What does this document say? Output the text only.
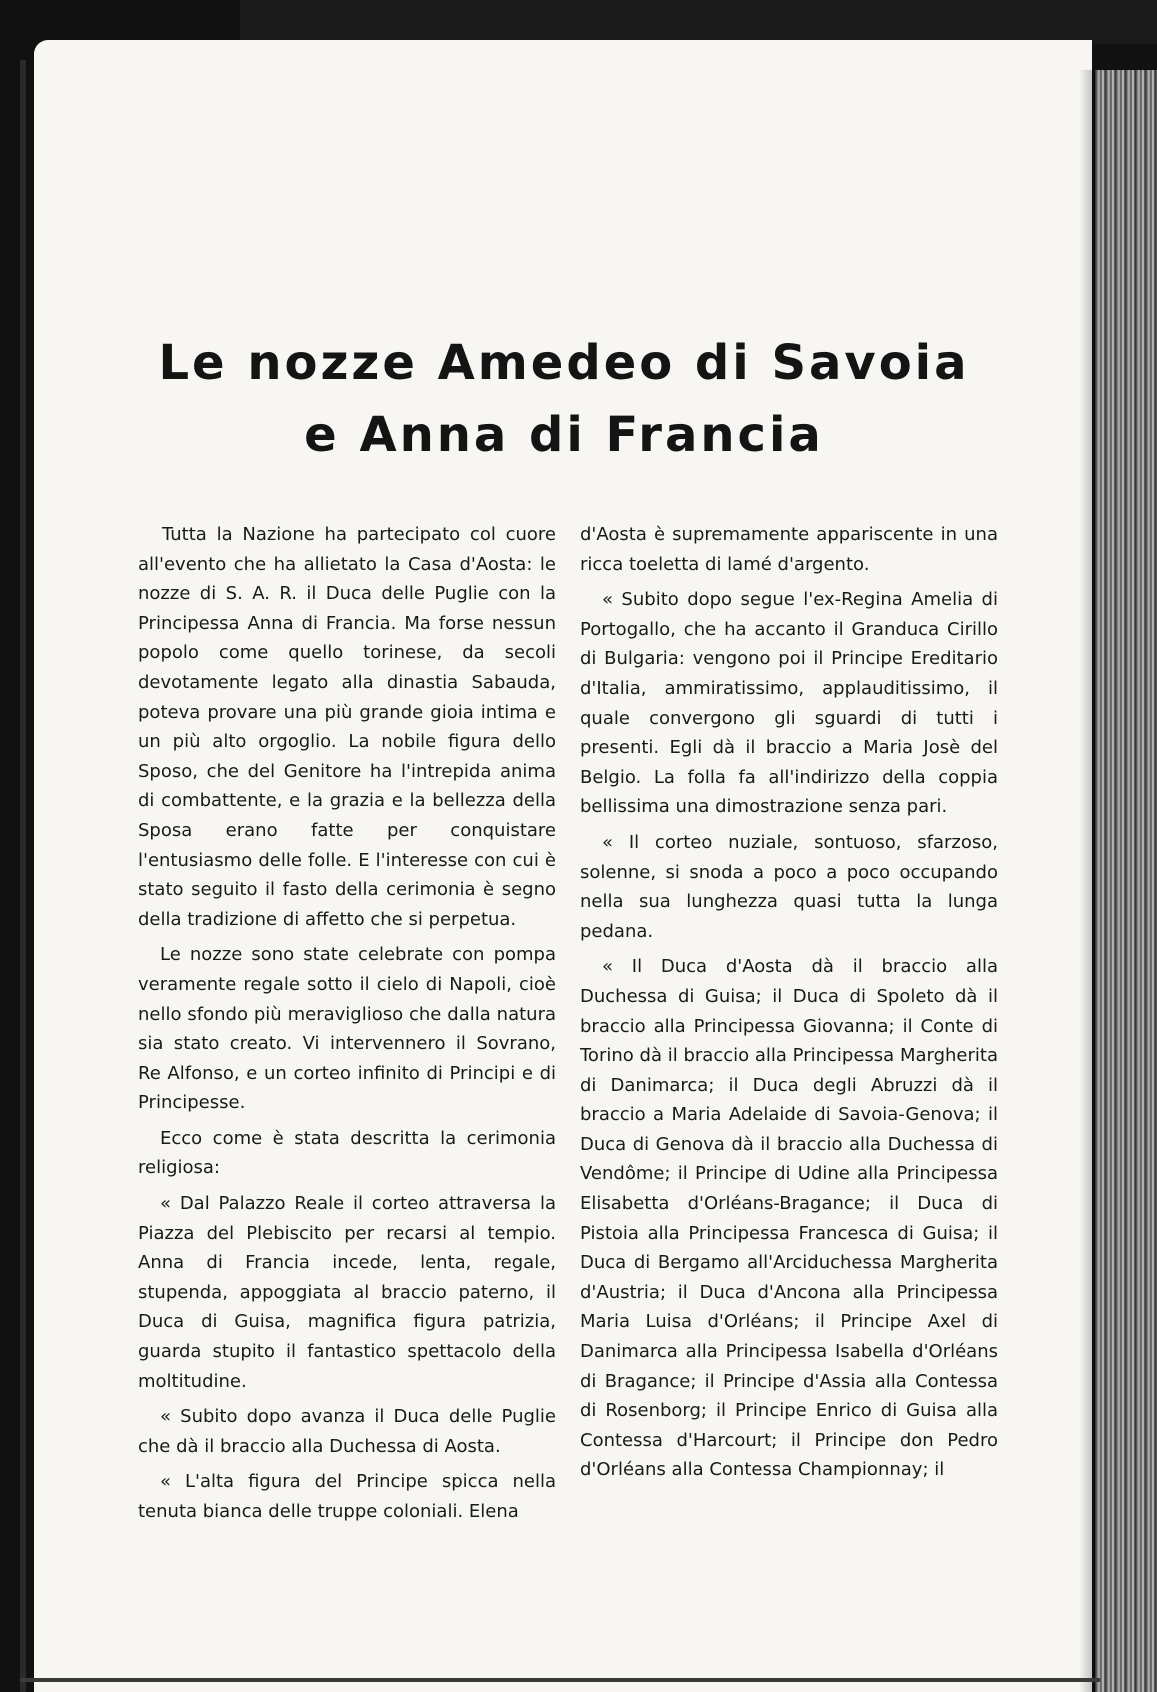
Le nozze Amedeo di Savoia
e Anna di Francia

Tutta la Nazione ha partecipato col cuore all'evento che ha allietato la Casa d'Aosta: le nozze di S. A. R. il Duca delle Puglie con la Principessa Anna di Francia. Ma forse nessun popolo come quello torinese, da secoli devotamente legato alla dinastia Sabauda, poteva provare una più grande gioia intima e un più alto orgoglio. La nobile figura dello Sposo, che del Genitore ha l'intrepida anima di combattente, e la grazia e la bellezza della Sposa erano fatte per conquistare l'entusiasmo delle folle. E l'interesse con cui è stato seguito il fasto della cerimonia è segno della tradizione di affetto che si perpetua.

Le nozze sono state celebrate con pompa veramente regale sotto il cielo di Napoli, cioè nello sfondo più meraviglioso che dalla natura sia stato creato. Vi intervennero il Sovrano, Re Alfonso, e un corteo infinito di Principi e di Principesse.

Ecco come è stata descritta la cerimonia religiosa:

« Dal Palazzo Reale il corteo attraversa la Piazza del Plebiscito per recarsi al tempio. Anna di Francia incede, lenta, regale, stupenda, appoggiata al braccio paterno, il Duca di Guisa, magnifica figura patrizia, guarda stupito il fantastico spettacolo della moltitudine.

« Subito dopo avanza il Duca delle Puglie che dà il braccio alla Duchessa di Aosta.

« L'alta figura del Principe spicca nella tenuta bianca delle truppe coloniali. Elena

d'Aosta è supremamente appariscente in una ricca toeletta di lamé d'argento.

« Subito dopo segue l'ex-Regina Amelia di Portogallo, che ha accanto il Granduca Cirillo di Bulgaria: vengono poi il Principe Ereditario d'Italia, ammiratissimo, applauditissimo, il quale convergono gli sguardi di tutti i presenti. Egli dà il braccio a Maria Josè del Belgio. La folla fa all'indirizzo della coppia bellissima una dimostrazione senza pari.

« Il corteo nuziale, sontuoso, sfarzoso, solenne, si snoda a poco a poco occupando nella sua lunghezza quasi tutta la lunga pedana.

« Il Duca d'Aosta dà il braccio alla Duchessa di Guisa; il Duca di Spoleto dà il braccio alla Principessa Giovanna; il Conte di Torino dà il braccio alla Principessa Margherita di Danimarca; il Duca degli Abruzzi dà il braccio a Maria Adelaide di Savoia-Genova; il Duca di Genova dà il braccio alla Duchessa di Vendôme; il Principe di Udine alla Principessa Elisabetta d'Orléans-Bragance; il Duca di Pistoia alla Principessa Francesca di Guisa; il Duca di Bergamo all'Arciduchessa Margherita d'Austria; il Duca d'Ancona alla Principessa Maria Luisa d'Orléans; il Principe Axel di Danimarca alla Principessa Isabella d'Orléans di Bragance; il Principe d'Assia alla Contessa di Rosenborg; il Principe Enrico di Guisa alla Contessa d'Harcourt; il Principe don Pedro d'Orléans alla Contessa Championnay; il
